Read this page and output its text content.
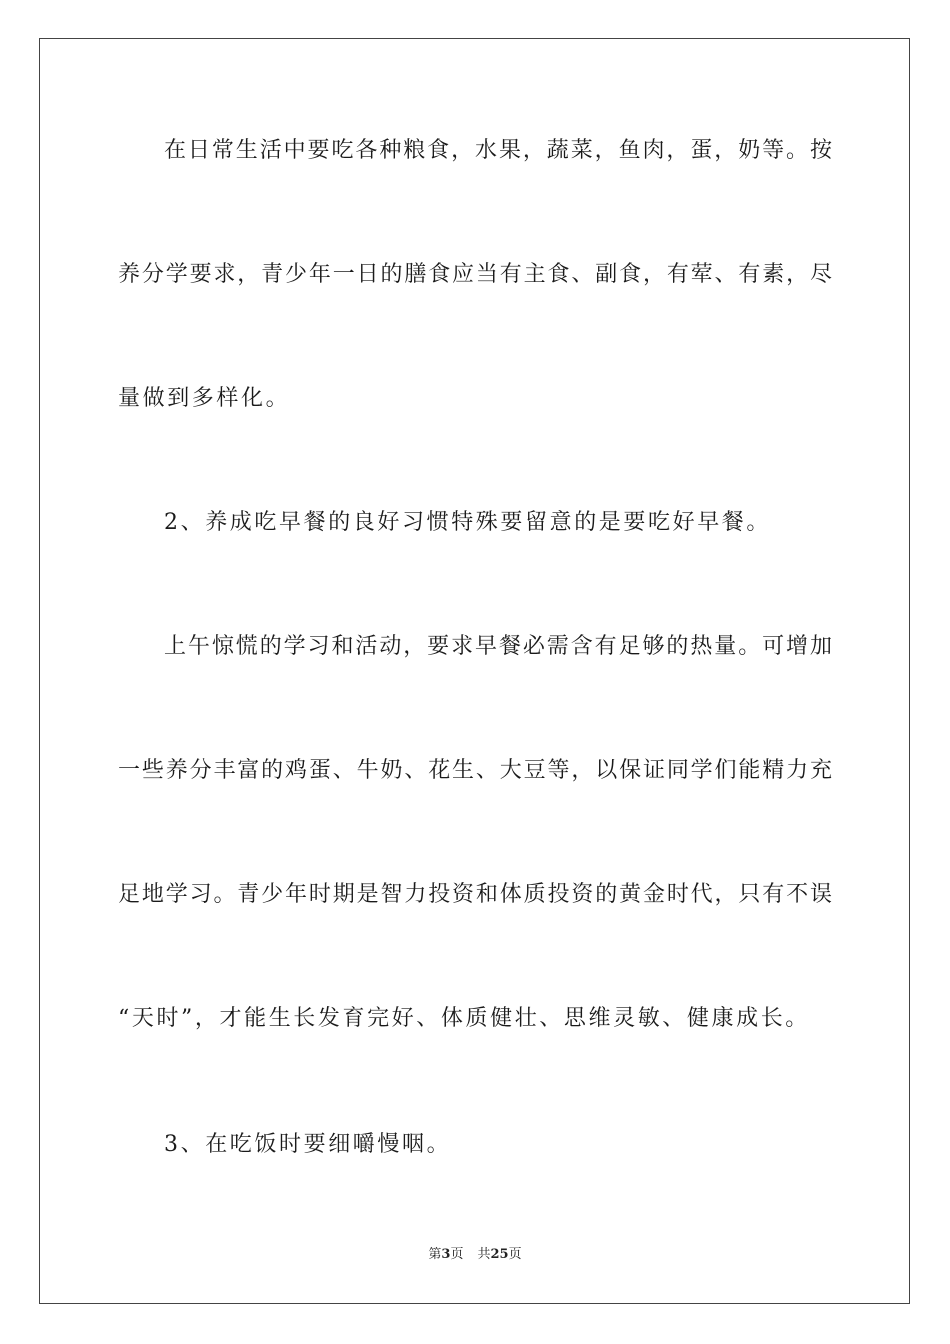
在日常生活中要吃各种粮食，水果，蔬菜，鱼肉，蛋，奶等。按
养分学要求，青少年一日的膳食应当有主食、副食，有荤、有素，尽
量做到多样化。
2、养成吃早餐的良好习惯特殊要留意的是要吃好早餐。
上午惊慌的学习和活动，要求早餐必需含有足够的热量。可增加
一些养分丰富的鸡蛋、牛奶、花生、大豆等，以保证同学们能精力充
足地学习。青少年时期是智力投资和体质投资的黄金时代，只有不误
“天时”，才能生长发育完好、体质健壮、思维灵敏、健康成长。
3、在吃饭时要细嚼慢咽。
第3页 共25页
